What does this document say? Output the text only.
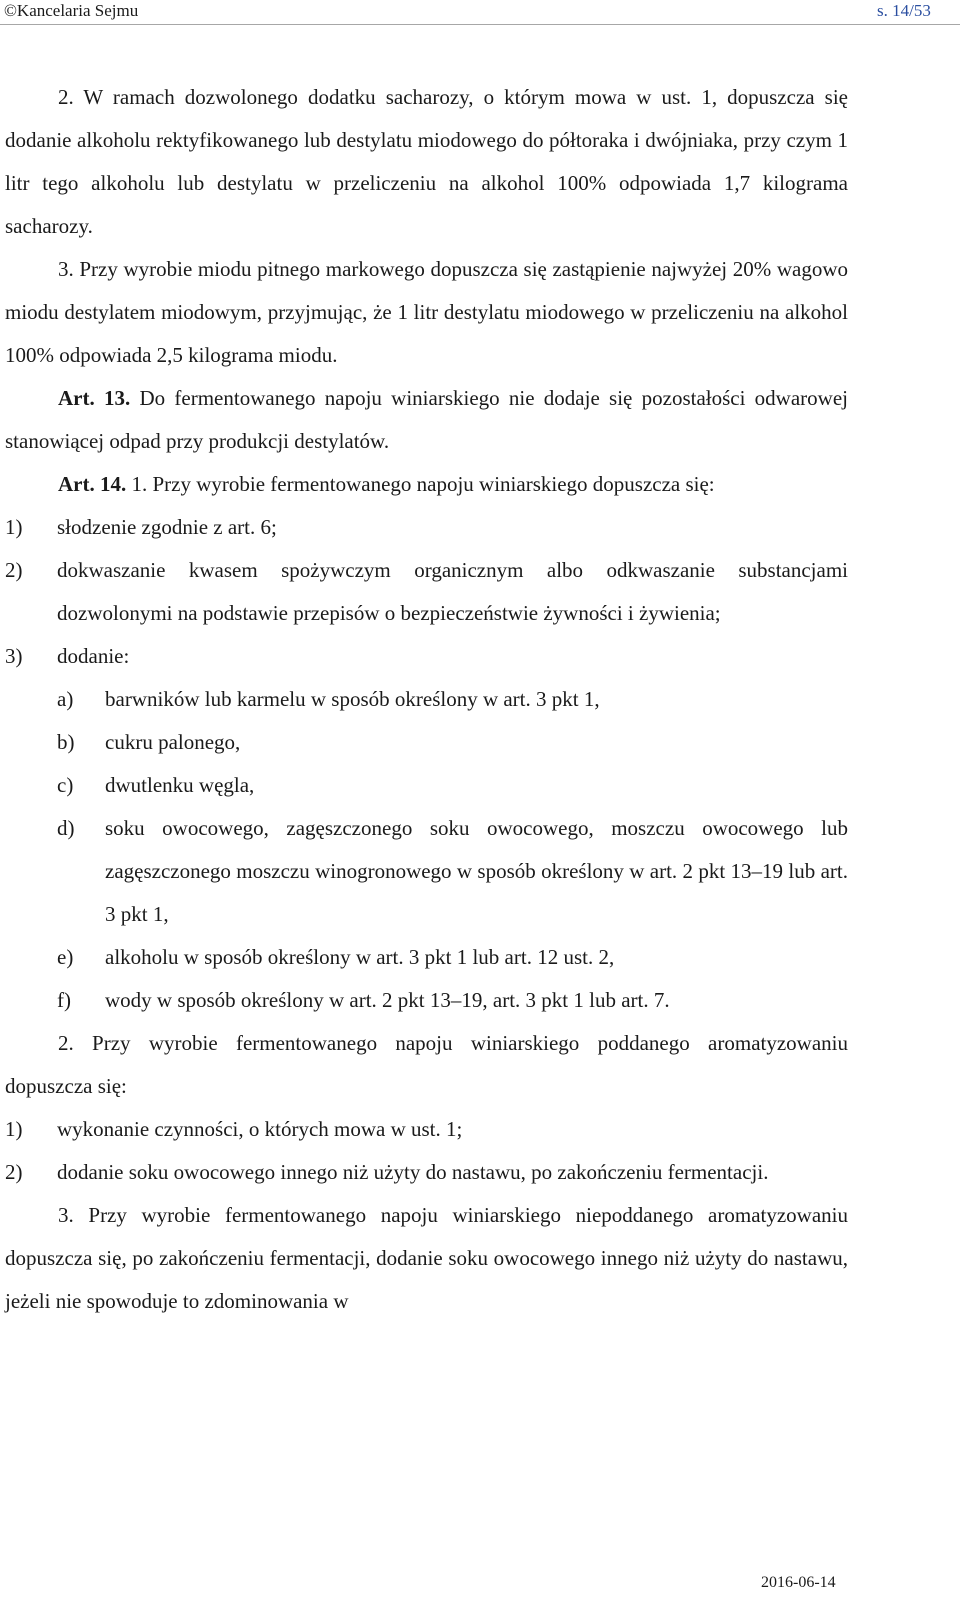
©Kancelaria Sejmu	s. 14/53

2. W ramach dozwolonego dodatku sacharozy, o którym mowa w ust. 1, dopuszcza się dodanie alkoholu rektyfikowanego lub destylatu miodowego do półtoraka i dwójniaka, przy czym 1 litr tego alkoholu lub destylatu w przeliczeniu na alkohol 100% odpowiada 1,7 kilograma sacharozy.

3. Przy wyrobie miodu pitnego markowego dopuszcza się zastąpienie najwyżej 20% wagowo miodu destylatem miodowym, przyjmując, że 1 litr destylatu miodowego w przeliczeniu na alkohol 100% odpowiada 2,5 kilograma miodu.

Art. 13. Do fermentowanego napoju winiarskiego nie dodaje się pozostałości odwarowej stanowiącej odpad przy produkcji destylatów.

Art. 14. 1. Przy wyrobie fermentowanego napoju winiarskiego dopuszcza się:

1)	słodzenie zgodnie z art. 6;
2)	dokwaszanie kwasem spożywczym organicznym albo odkwaszanie substancjami dozwolonymi na podstawie przepisów o bezpieczeństwie żywności i żywienia;
3)	dodanie:
a)	barwników lub karmelu w sposób określony w art. 3 pkt 1,
b)	cukru palonego,
c)	dwutlenku węgla,
d)	soku owocowego, zagęszczonego soku owocowego, moszczu owocowego lub zagęszczonego moszczu winogronowego w sposób określony w art. 2 pkt 13–19 lub art. 3 pkt 1,
e)	alkoholu w sposób określony w art. 3 pkt 1 lub art. 12 ust. 2,
f)	wody w sposób określony w art. 2 pkt 13–19, art. 3 pkt 1 lub art. 7.

2. Przy wyrobie fermentowanego napoju winiarskiego poddanego aromatyzowaniu dopuszcza się:

1)	wykonanie czynności, o których mowa w ust. 1;
2)	dodanie soku owocowego innego niż użyty do nastawu, po zakończeniu fermentacji.

3. Przy wyrobie fermentowanego napoju winiarskiego niepoddanego aromatyzowaniu dopuszcza się, po zakończeniu fermentacji, dodanie soku owocowego innego niż użyty do nastawu, jeżeli nie spowoduje to zdominowania w

2016-06-14
